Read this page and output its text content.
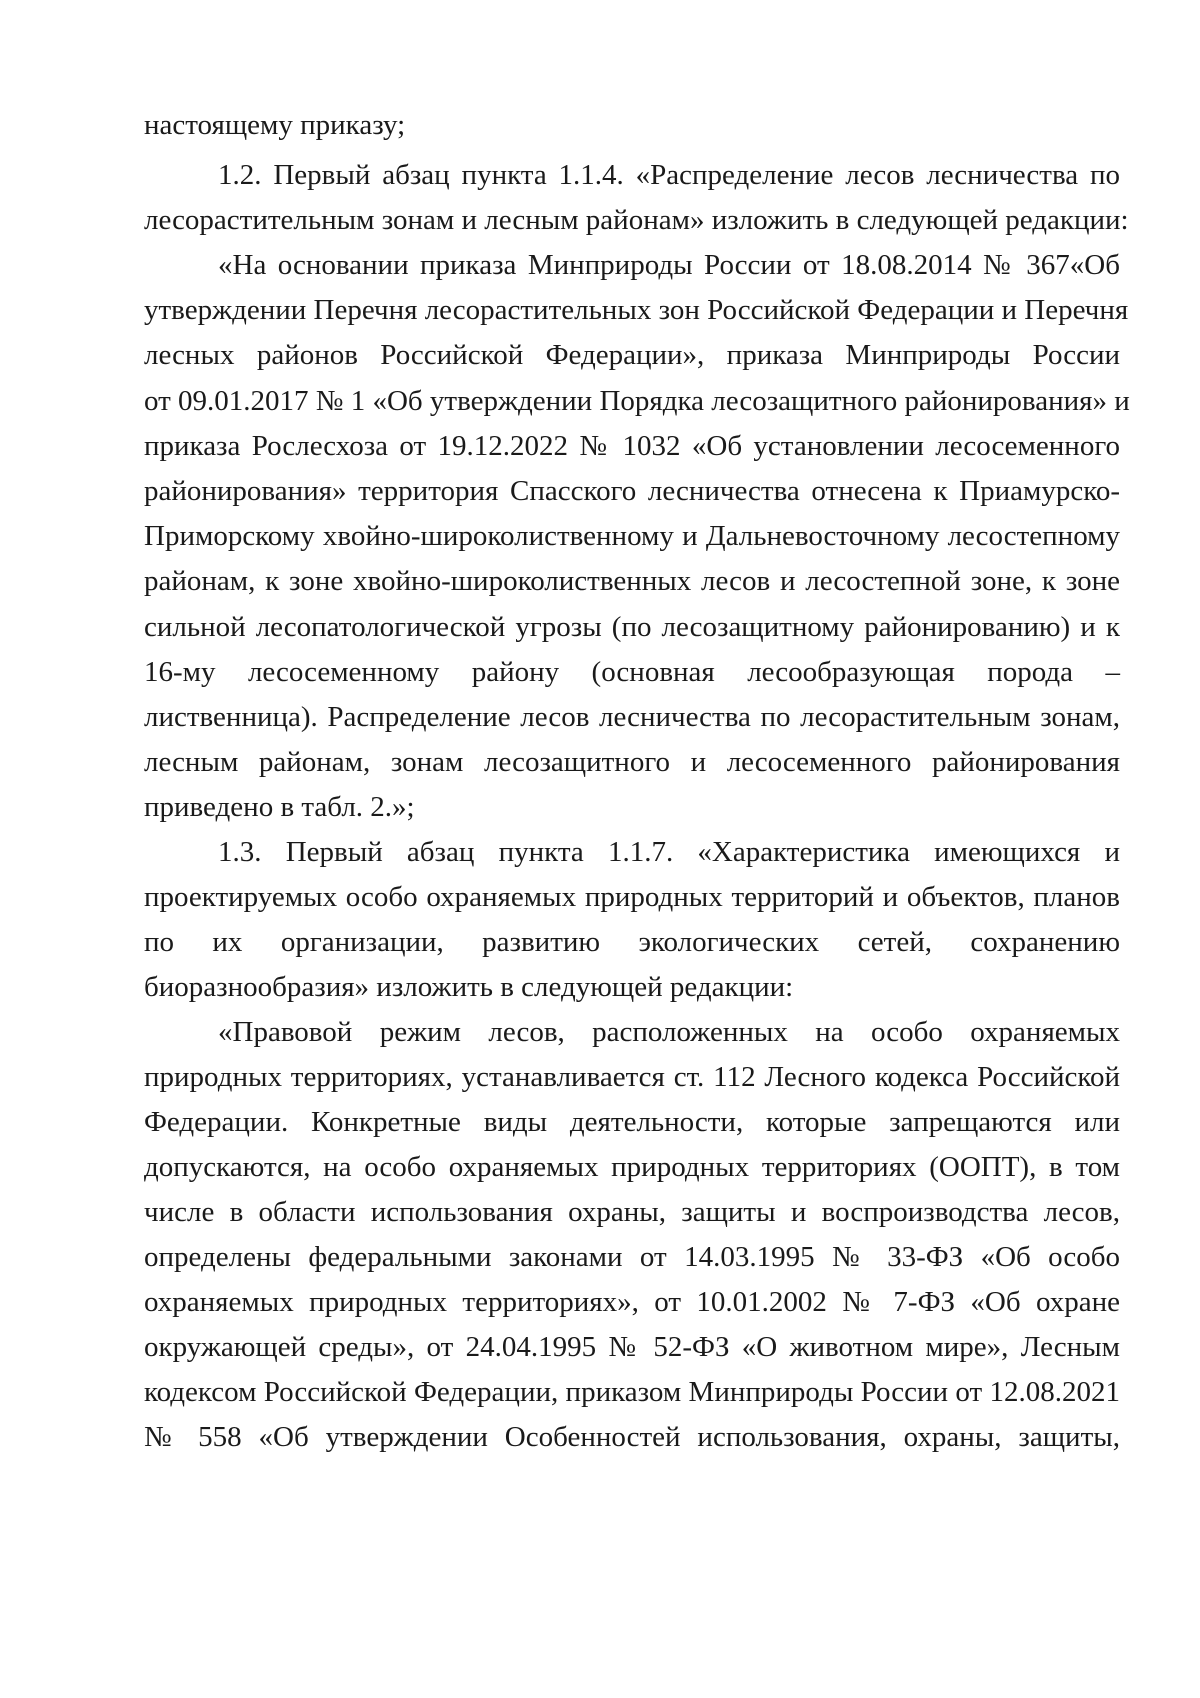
настоящему приказу;
1.2. Первый абзац пункта 1.1.4. «Распределение лесов лесничества по
лесорастительным зонам и лесным районам» изложить в следующей редакции:
«На основании приказа Минприроды России от 18.08.2014 № 367«Об
утверждении Перечня лесорастительных зон Российской Федерации и Перечня
лесных районов Российской Федерации», приказа Минприроды России
от 09.01.2017 № 1 «Об утверждении Порядка лесозащитного районирования» и
приказа Рослесхоза от 19.12.2022 № 1032 «Об установлении лесосеменного
районирования» территория Спасского лесничества отнесена к Приамурско-
Приморскому хвойно-широколиственному и Дальневосточному лесостепному
районам, к зоне хвойно-широколиственных лесов и лесостепной зоне, к зоне
сильной лесопатологической угрозы (по лесозащитному районированию) и к
16-му лесосеменному району (основная лесообразующая порода –
лиственница). Распределение лесов лесничества по лесорастительным зонам,
лесным районам, зонам лесозащитного и лесосеменного районирования
приведено в табл. 2.»;
1.3. Первый абзац пункта 1.1.7. «Характеристика имеющихся и
проектируемых особо охраняемых природных территорий и объектов, планов
по их организации, развитию экологических сетей, сохранению
биоразнообразия» изложить в следующей редакции:
«Правовой режим лесов, расположенных на особо охраняемых
природных территориях, устанавливается ст. 112 Лесного кодекса Российской
Федерации. Конкретные виды деятельности, которые запрещаются или
допускаются, на особо охраняемых природных территориях (ООПТ), в том
числе в области использования охраны, защиты и воспроизводства лесов,
определены федеральными законами от 14.03.1995 № 33-ФЗ «Об особо
охраняемых природных территориях», от 10.01.2002 № 7-ФЗ «Об охране
окружающей среды», от 24.04.1995 № 52-ФЗ «О животном мире», Лесным
кодексом Российской Федерации, приказом Минприроды России от 12.08.2021
№ 558 «Об утверждении Особенностей использования, охраны, защиты,
